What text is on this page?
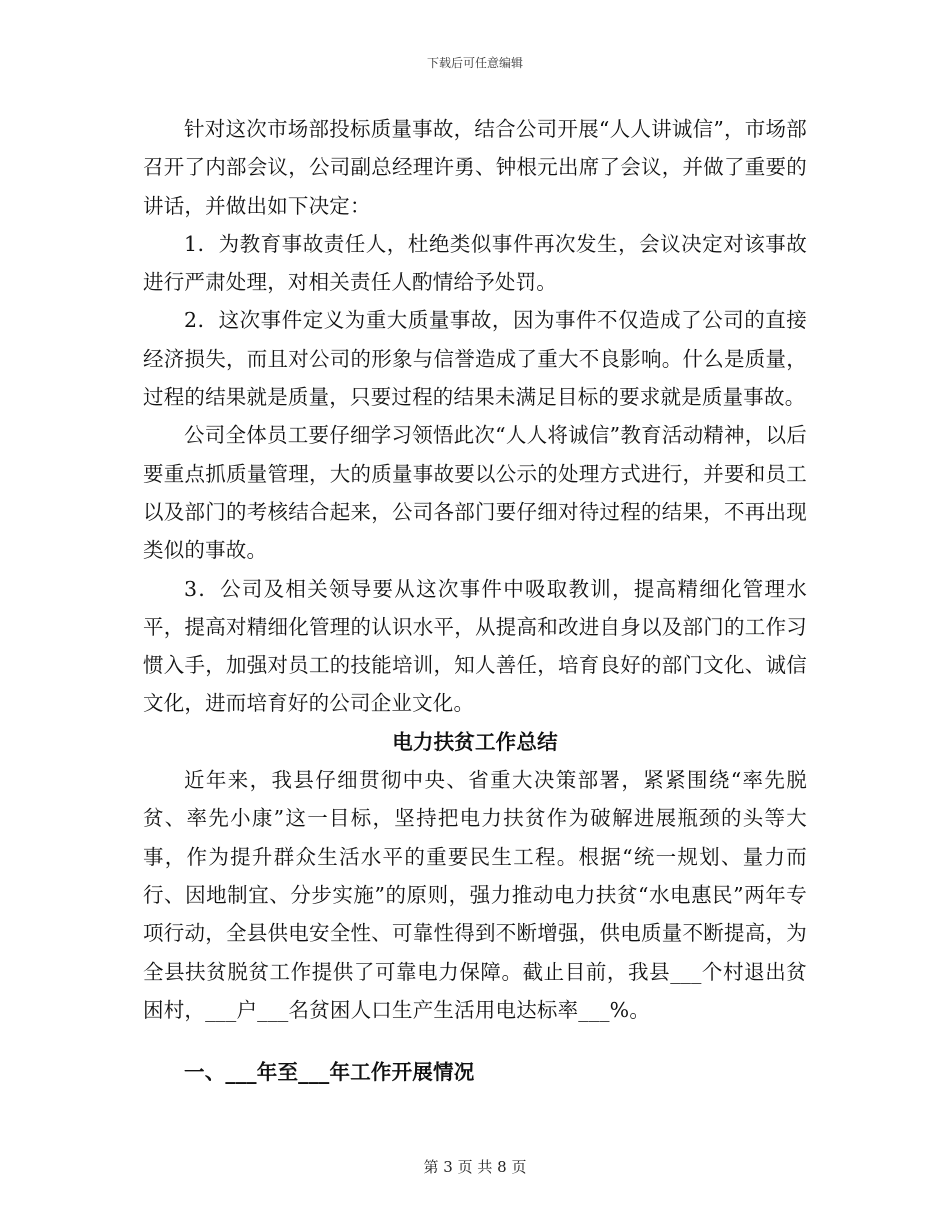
下载后可任意编辑

针对这次市场部投标质量事故，结合公司开展“人人讲诚信”，市场部召开了内部会议，公司副总经理许勇、钟根元出席了会议，并做了重要的讲话，并做出如下决定：

1．为教育事故责任人，杜绝类似事件再次发生，会议决定对该事故进行严肃处理，对相关责任人酌情给予处罚。

2．这次事件定义为重大质量事故，因为事件不仅造成了公司的直接经济损失，而且对公司的形象与信誉造成了重大不良影响。什么是质量，过程的结果就是质量，只要过程的结果未满足目标的要求就是质量事故。

公司全体员工要仔细学习领悟此次“人人将诚信”教育活动精神，以后要重点抓质量管理，大的质量事故要以公示的处理方式进行，并要和员工以及部门的考核结合起来，公司各部门要仔细对待过程的结果，不再出现类似的事故。

3．公司及相关领导要从这次事件中吸取教训，提高精细化管理水平，提高对精细化管理的认识水平，从提高和改进自身以及部门的工作习惯入手，加强对员工的技能培训，知人善任，培育良好的部门文化、诚信文化，进而培育好的公司企业文化。

电力扶贫工作总结

近年来，我县仔细贯彻中央、省重大决策部署，紧紧围绕“率先脱贫、率先小康”这一目标，坚持把电力扶贫作为破解进展瓶颈的头等大事，作为提升群众生活水平的重要民生工程。根据“统一规划、量力而行、因地制宜、分步实施”的原则，强力推动电力扶贫“水电惠民”两年专项行动，全县供电安全性、可靠性得到不断增强，供电质量不断提高，为全县扶贫脱贫工作提供了可靠电力保障。截止目前，我县___个村退出贫困村，___户___名贫困人口生产生活用电达标率___%。

一、___年至___年工作开展情况

第 3 页 共 8 页
